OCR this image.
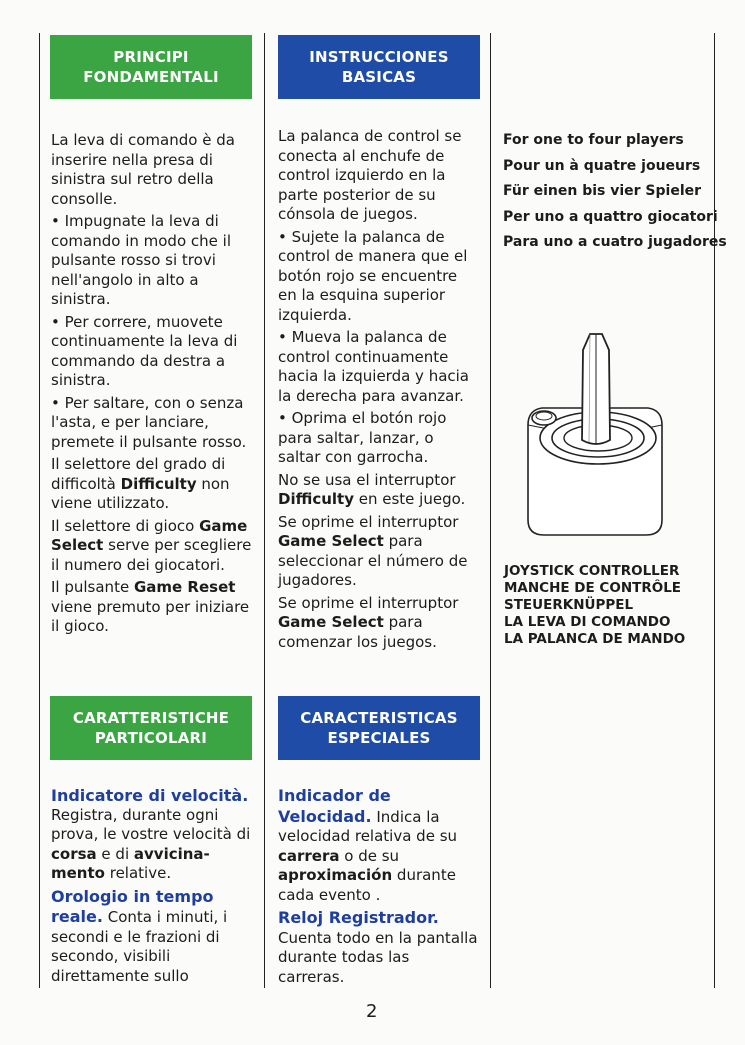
PRINCIPI
FONDAMENTALI
INSTRUCCIONES
BASICAS

La leva di comando è da inserire nella presa di sinistra sul retro della consolle.

• Impugnate la leva di comando in modo che il pulsante rosso si trovi nell'angolo in alto a sinistra.

• Per correre, muovete continuamente la leva di commando da destra a sinistra.

• Per saltare, con o senza l'asta, e per lanciare, premete il pulsante rosso.

Il selettore del grado di difficoltà Difficulty non viene utilizzato.

Il selettore di gioco Game Select serve per scegliere il numero dei giocatori.

Il pulsante Game Reset viene premuto per iniziare il gioco.

La palanca de control se conecta al enchufe de control izquierdo en la parte posterior de su cónsola de juegos.

• Sujete la palanca de control de manera que el botón rojo se encuentre en la esquina superior izquierda.

• Mueva la palanca de control continuamente hacia la izquierda y hacia la derecha para avanzar.

• Oprima el botón rojo para saltar, lanzar, o saltar con garrocha.

No se usa el interruptor Difficulty en este juego.

Se oprime el interruptor Game Select para seleccionar el número de jugadores.

Se oprime el interruptor Game Select para comenzar los juegos.

For one to four players
Pour un à quatre joueurs
Für einen bis vier Spieler
Per uno a quattro giocatori
Para uno a cuatro jugadores
JOYSTICK CONTROLLER
MANCHE DE CONTRÔLE
STEUERKNÜPPEL
LA LEVA DI COMANDO
LA PALANCA DE MANDO
CARATTERISTICHE
PARTICOLARI
CARACTERISTICAS
ESPECIALES
Indicatore di velocità.

Registra, durante ogni prova, le vostre velocità di corsa e di avvicina-mento relative.

Orologio in tempo reale. Conta i minuti, i secondi e le frazioni di secondo, visibili direttamente sullo

Indicador de Velocidad. Indica la velocidad relativa de su carrera o de su aproximación durante cada evento .

Reloj Registrador. Cuenta todo en la pantalla durante todas las carreras.

2
